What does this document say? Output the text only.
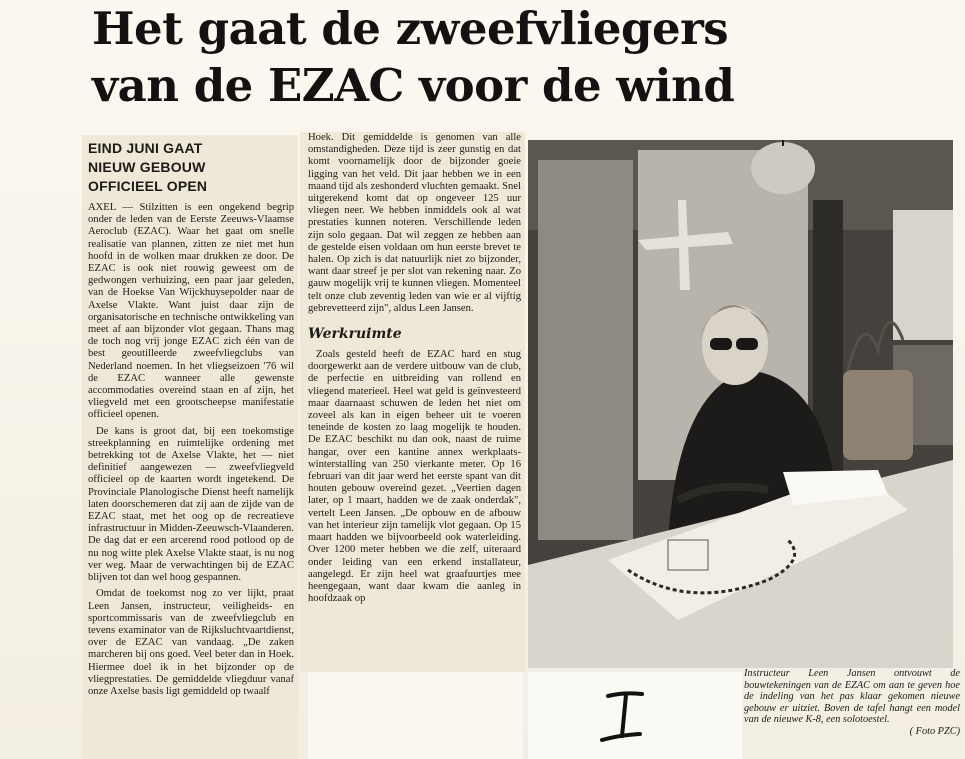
Het gaat de zweefvliegers
van de EZAC voor de wind
EIND JUNI GAAT
NIEUW GEBOUW
OFFICIEEL OPEN

AXEL — Stilzitten is een ongekend begrip onder de leden van de Eerste Zeeuws-Vlaamse Aeroclub (EZAC). Waar het gaat om snelle realisatie van plannen, zitten ze niet met hun hoofd in de wolken maar drukken ze door. De EZAC is ook niet rouwig geweest om de gedwongen verhuizing, een paar jaar geleden, van de Hoekse Van Wijckhuysepolder naar de Axelse Vlakte. Want juist daar zijn de organisatorische en technische ontwikkeling van meet af aan bijzonder vlot gegaan. Thans mag de toch nog vrij jonge EZAC zich één van de best geoutilleerde zweefvliegclubs van Nederland noemen. In het vliegseizoen '76 wil de EZAC wanneer alle gewenste accommodaties overeind staan en af zijn, het vliegveld met een grootscheepse manifestatie officieel openen.

De kans is groot dat, bij een toekomstige streekplanning en ruimtelijke ordening met betrekking tot de Axelse Vlakte, het — niet definitief aangewezen — zweefvliegveld officieel op de kaarten wordt ingetekend. De Provinciale Planologische Dienst heeft namelijk laten doorschemeren dat zij aan de zijde van de EZAC staat, met het oog op de recreatieve infrastructuur in Midden-Zeeuwsch-Vlaanderen. De dag dat er een arcerend rood potlood op de nu nog witte plek Axelse Vlakte staat, is nu nog ver weg. Maar de verwachtingen bij de EZAC blijven tot dan wel hoog gespannen.

Omdat de toekomst nog zo ver lijkt, praat Leen Jansen, instructeur, veiligheids- en sportcommissaris van de zweefvliegclub en tevens examinator van de Rijksluchtvaartdienst, over de EZAC van vandaag. „De zaken marcheren bij ons goed. Veel beter dan in Hoek. Hiermee doel ik in het bijzonder op de vliegprestaties. De gemiddelde vliegduur vanaf onze Axelse basis ligt gemiddeld op twaalf

Hoek. Dit gemiddelde is genomen van alle omstandigheden. Deze tijd is zeer gunstig en dat komt voornamelijk door de bijzonder goeie ligging van het veld. Dit jaar hebben we in een maand tijd als zeshonderd vluchten gemaakt. Snel uitgerekend komt dat op ongeveer 125 uur vliegen neer. We hebben inmiddels ook al wat prestaties kunnen noteren. Verschillende leden zijn solo gegaan. Dat wil zeggen ze hebben aan de gestelde eisen voldaan om hun eerste brevet te halen. Op zich is dat natuurlijk niet zo bijzonder, want daar streef je per slot van rekening naar. Zo gauw mogelijk vrij te kunnen vliegen. Momenteel telt onze club zeventig leden van wie er al vijftig gebrevetteerd zijn", aldus Leen Jansen.

Werkruimte

Zoals gesteld heeft de EZAC hard en stug doorgewerkt aan de verdere uitbouw van de club, de perfectie en uitbreiding van rollend en vliegend materieel. Heel wat geld is geïnvesteerd maar daarnaast schuwen de leden het niet om zoveel als kan in eigen beheer uit te voeren teneinde de kosten zo laag mogelijk te houden. De EZAC beschikt nu dan ook, naast de ruime hangar, over een kantine annex werkplaats-winterstalling van 250 vierkante meter. Op 16 februari van dit jaar werd het eerste spant van dit houten gebouw overeind gezet. „Veertien dagen later, op 1 maart, hadden we de zaak onderdak", vertelt Leen Jansen. „De opbouw en de afbouw van het interieur zijn tamelijk vlot gegaan. Op 15 maart hadden we bijvoorbeeld ook waterleiding. Over 1200 meter hebben we die zelf, uiteraard onder leiding van een erkend installateur, aangelegd. Er zijn heel wat graafuurtjes mee heengegaan, want daar kwam die aanleg in hoofdzaak op

Instructeur Leen Jansen ontvouwt de bouwtekeningen van de EZAC om aan te geven hoe de indeling van het pas klaar gekomen nieuwe gebouw er uitziet. Boven de tafel hangt een model van de nieuwe K-8, een solotoestel.
( Foto PZC)
